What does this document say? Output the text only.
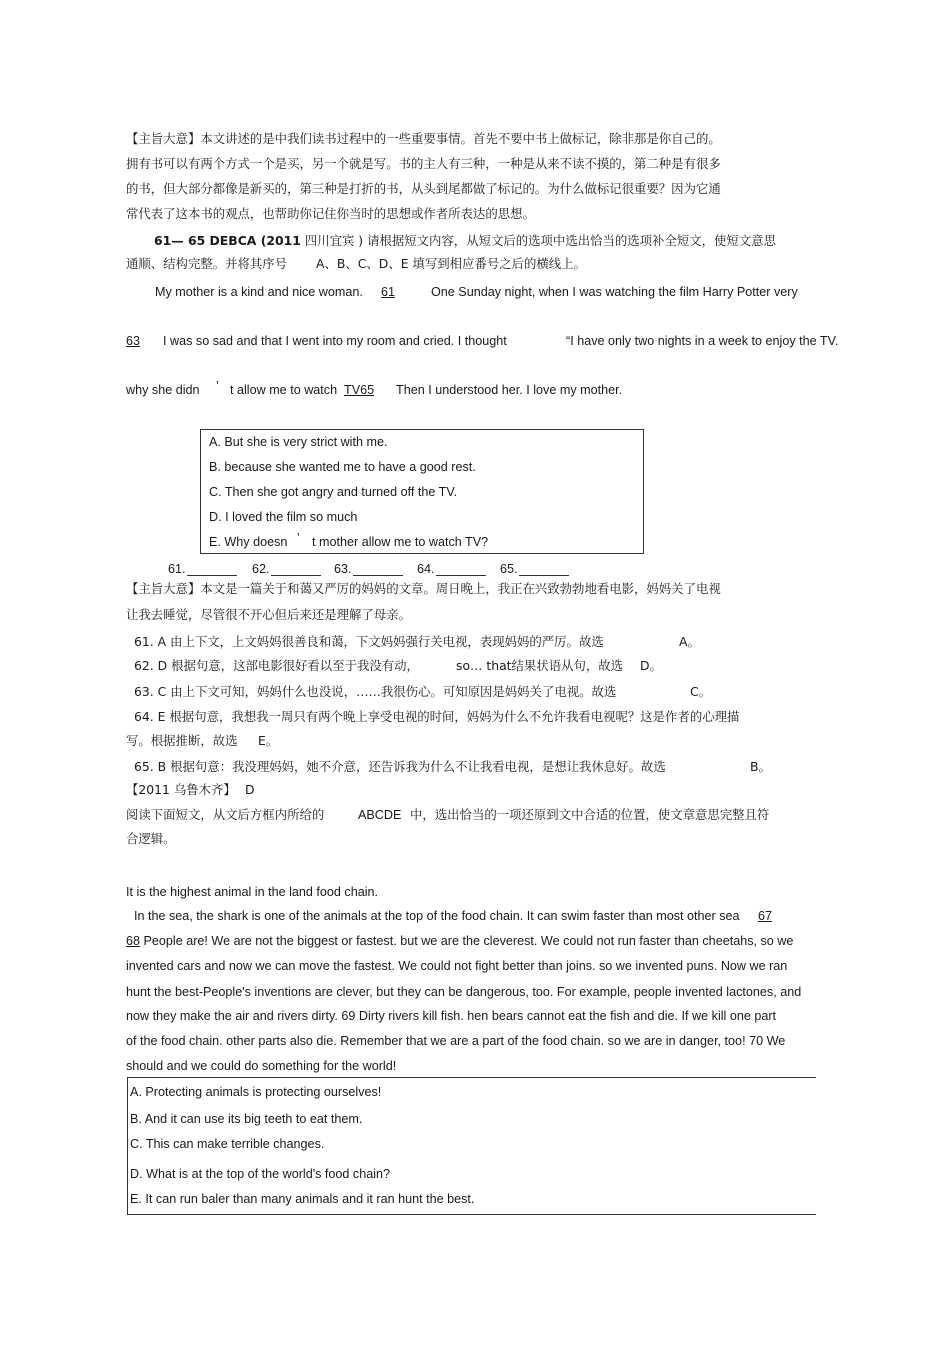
【主旨大意】本文讲述的是中我们读书过程中的一些重要事情。首先不要中书上做标记，除非那是你自己的。
拥有书可以有两个方式一个是买，另一个就是写。书的主人有三种，一种是从来不读不摸的，第二种是有很多
的书，但大部分都像是新买的，第三种是打折的书，从头到尾都做了标记的。为什么做标记很重要？因为它通
常代表了这本书的观点，也帮助你记住你当时的思想或作者所表达的思想。
61— 65 DEBCA (2011 四川宜宾 ) 请根据短文内容，从短文后的选项中选出恰当的选项补全短文，使短文意思
通顺、结构完整。并将其序号 A、B、C、D、E 填写到相应番号之后的横线上。
My mother is a kind and nice woman. 61	One Sunday night, when I was watching the film Harry Potter very
63 I was so sad and that I went into my room and cried. I thought	“I have only two nights in a week to enjoy the TV.
why she didn ’ t allow me to watch TV65 Then I understood her. I love my mother.
A. But she is very strict with me.
B. because she wanted me to have a good rest.
C. Then she got angry and turned off the TV.
D. I loved the film so much
E. Why doesn ’ t mother allow me to watch TV?
61.	62.	63.	64.	65.
【主旨大意】本文是一篇关于和蔼又严厉的妈妈的文章。周日晚上，我正在兴致勃勃地看电影，妈妈关了电视
让我去睡觉，尽管很不开心但后来还是理解了母亲。
61. A 由上下文，上文妈妈很善良和蔼，下文妈妈强行关电视，表现妈妈的严厉。故选	A。
62. D 根据句意，这部电影很好看以至于我没有动，	so… that结果状语从句，故选 D。
63. C 由上下文可知，妈妈什么也没说，……我很伤心。可知原因是妈妈关了电视。故选	C。
64. E 根据句意，我想我一周只有两个晚上享受电视的时间，妈妈为什么不允许我看电视呢？这是作者的心理描
写。根据推断，故选 E。
65. B 根据句意：我没理妈妈，她不介意，还告诉我为什么不让我看电视，是想让我休息好。故选	B。
【2011 乌鲁木齐】 D
阅读下面短文，从文后方框内所给的	ABCDE 中，选出恰当的一项还原到文中合适的位置，使文章意思完整且符
合逻辑。
It is the highest animal in the land food chain.
In the sea, the shark is one of the animals at the top of the food chain. It can swim faster than most other sea 67
68 People are! We are not the biggest or fastest. but we are the cleverest. We could not run faster than cheetahs, so we
invented cars and now we can move the fastest. We could not fight better than joins. so we invented puns. Now we ran
hunt the best-People's inventions are clever, but they can be dangerous, too. For example, people invented lactones, and
now they make the air and rivers dirty. 69 Dirty rivers kill fish. hen bears cannot eat the fish and die. If we kill one part
of the food chain. other parts also die. Remember that we are a part of the food chain. so we are in danger, too! 70 We
should and we could do something for the world!
A. Protecting animals is protecting ourselves!
B. And it can use its big teeth to eat them.
C. This can make terrible changes.
D. What is at the top of the world's food chain?
E. It can run baler than many animals and it ran hunt the best.
